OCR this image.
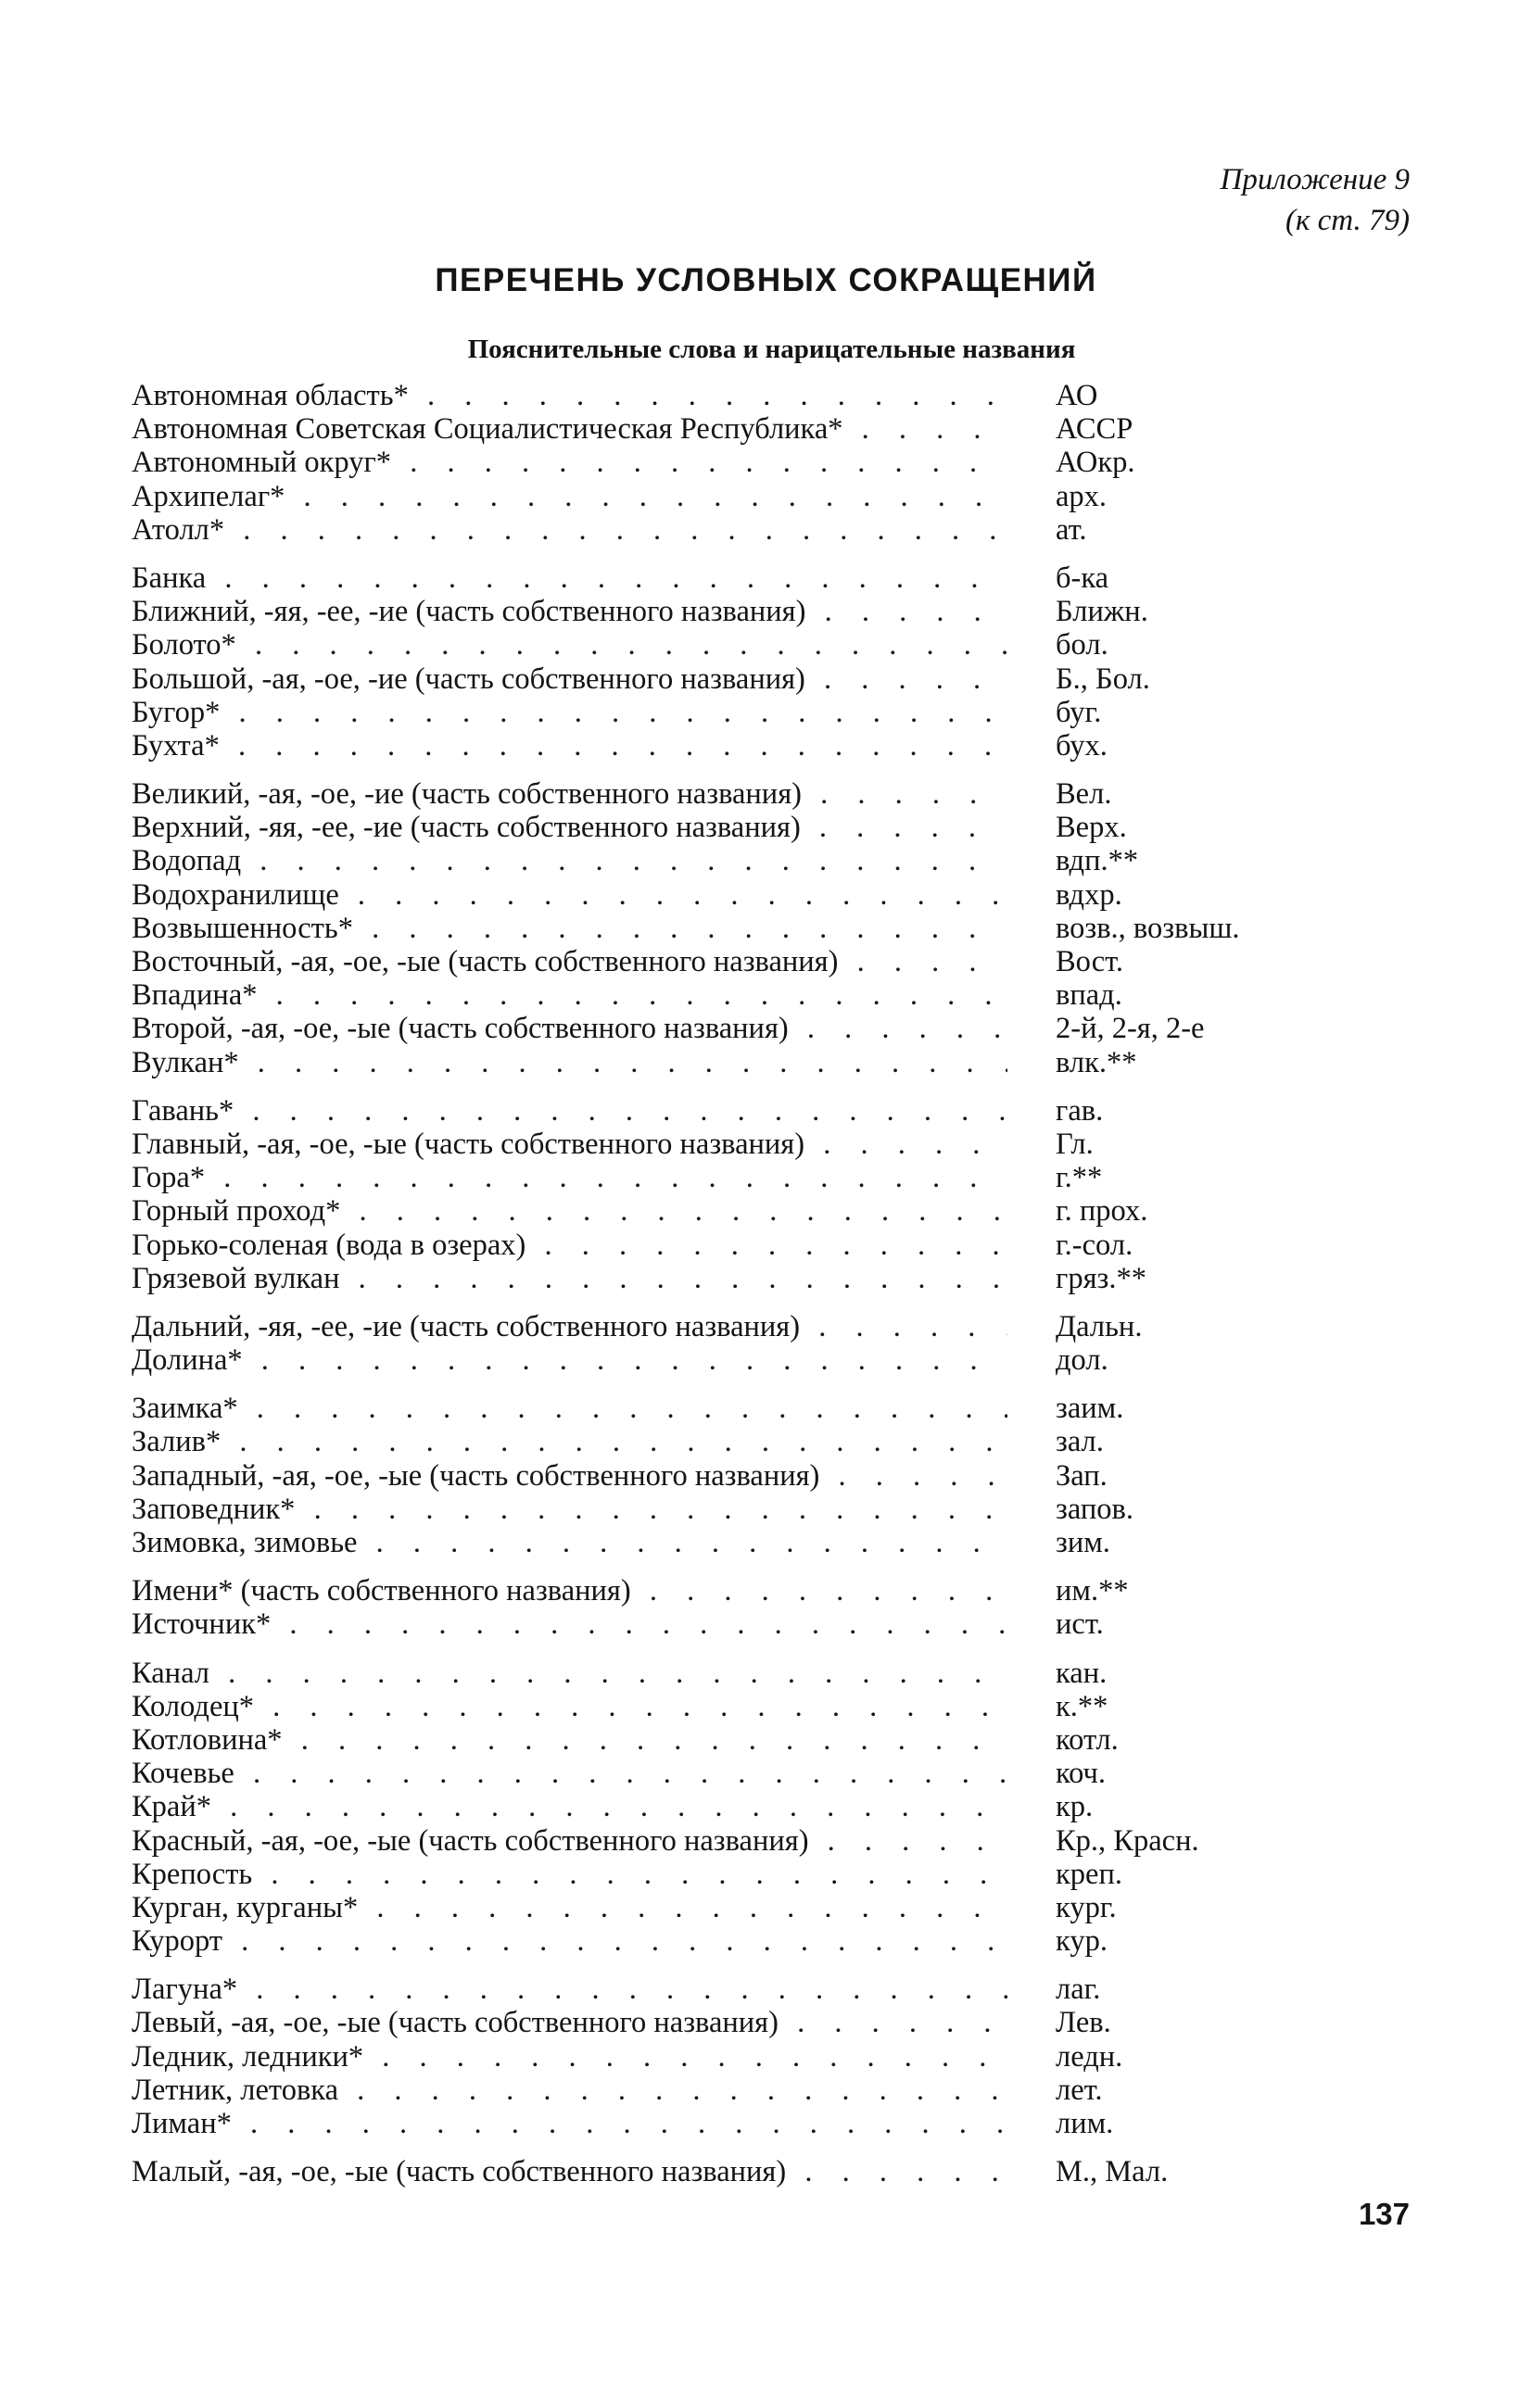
Приложение 9
(к ст. 79)
ПЕРЕЧЕНЬ УСЛОВНЫХ СОКРАЩЕНИЙ
Пояснительные слова и нарицательные названия
Автономная область* . . .	АО
Автономная Советская Социалистическая Республика* . . .	АССР
Автономный округ* . . .	АОкр.
Архипелаг* . . .	арх.
Атолл* . . .	ат.
Банка . . .	б-ка
Ближний, -яя, -ее, -ие (часть собственного названия) . . .	Ближн.
Болото* . . .	бол.
Большой, -ая, -ое, -ие (часть собственного названия) . . .	Б., Бол.
Бугор* . . .	буг.
Бухта* . . .	бух.
Великий, -ая, -ое, -ие (часть собственного названия) . . .	Вел.
Верхний, -яя, -ее, -ие (часть собственного названия) . . .	Верх.
Водопад . . .	вдп.**
Водохранилище . . .	вдхр.
Возвышенность* . . .	возв., возвыш.
Восточный, -ая, -ое, -ые (часть собственного названия) . . .	Вост.
Впадина* . . .	впад.
Второй, -ая, -ое, -ые (часть собственного названия) . . .	2-й, 2-я, 2-е
Вулкан* . . .	влк.**
Гавань* . . .	гав.
Главный, -ая, -ое, -ые (часть собственного названия) . . .	Гл.
Гора* . . .	г.**
Горный проход* . . .	г. прох.
Горько-соленая (вода в озерах) . . .	г.-сол.
Грязевой вулкан . . .	гряз.**
Дальний, -яя, -ее, -ие (часть собственного названия) . . .	Дальн.
Долина* . . .	дол.
Заимка* . . .	заим.
Залив* . . .	зал.
Западный, -ая, -ое, -ые (часть собственного названия) . . .	Зап.
Заповедник* . . .	запов.
Зимовка, зимовье . . .	зим.
Имени* (часть собственного названия) . . .	им.**
Источник* . . .	ист.
Канал . . .	кан.
Колодец* . . .	к.**
Котловина* . . .	котл.
Кочевье . . .	коч.
Край* . . .	кр.
Красный, -ая, -ое, -ые (часть собственного названия) . . .	Кр., Красн.
Крепость . . .	креп.
Курган, курганы* . . .	кург.
Курорт . . .	кур.
Лагуна* . . .	лаг.
Левый, -ая, -ое, -ые (часть собственного названия) . . .	Лев.
Ледник, ледники* . . .	ледн.
Летник, летовка . . .	лет.
Лиман* . . .	лим.
Малый, -ая, -ое, -ые (часть собственного названия) . . .	М., Мал.
137
